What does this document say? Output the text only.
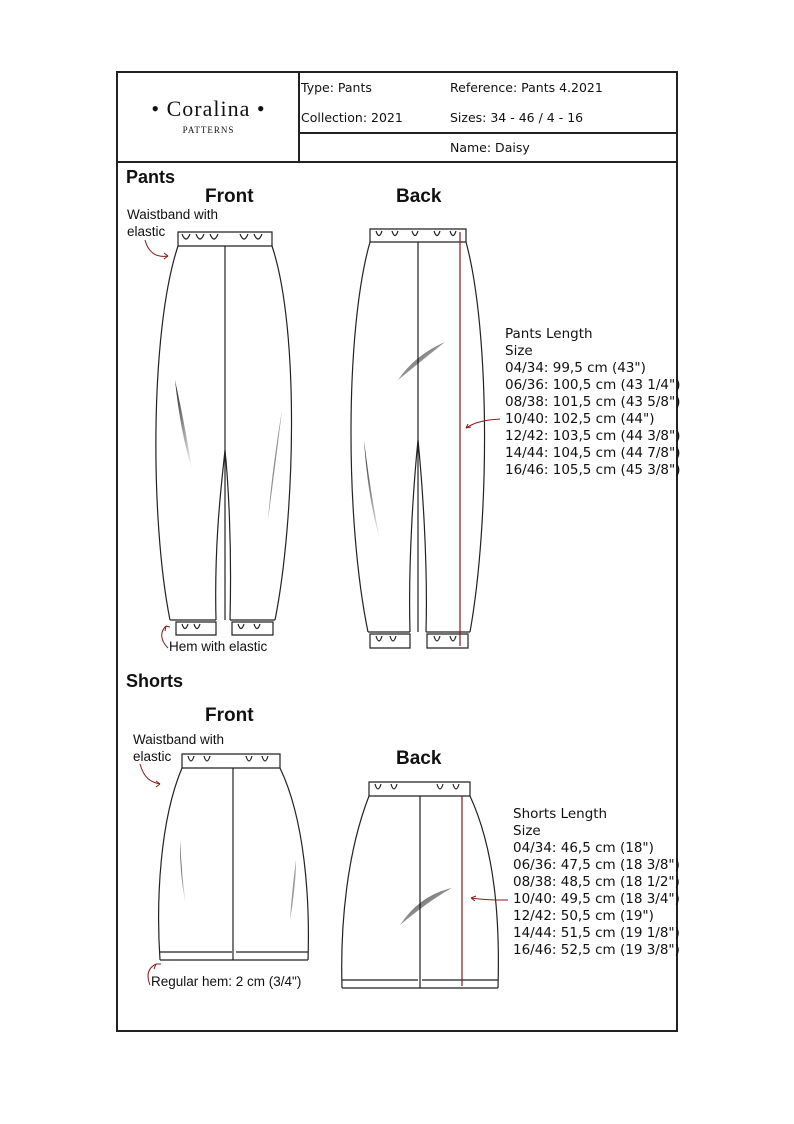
• Coralina •
PATTERNS
Type: Pants	Reference: Pants 4.2021
Collection: 2021	Sizes: 34 - 46 / 4 - 16
Name: Daisy
Pants
Front	Back
Waistband with
elastic
Hem with elastic
Pants Length
Size
04/34: 99,5 cm (43")
06/36: 100,5 cm (43 1/4")
08/38: 101,5 cm (43 5/8")
10/40: 102,5 cm (44")
12/42: 103,5 cm (44 3/8")
14/44: 104,5 cm (44 7/8")
16/46: 105,5 cm (45 3/8")
Shorts
Front
Back
Waistband with
elastic
Regular hem: 2 cm (3/4")
Shorts Length
Size
04/34: 46,5 cm (18")
06/36: 47,5 cm (18 3/8")
08/38: 48,5 cm (18 1/2")
10/40: 49,5 cm (18 3/4")
12/42: 50,5 cm (19")
14/44: 51,5 cm (19 1/8")
16/46: 52,5 cm (19 3/8")
